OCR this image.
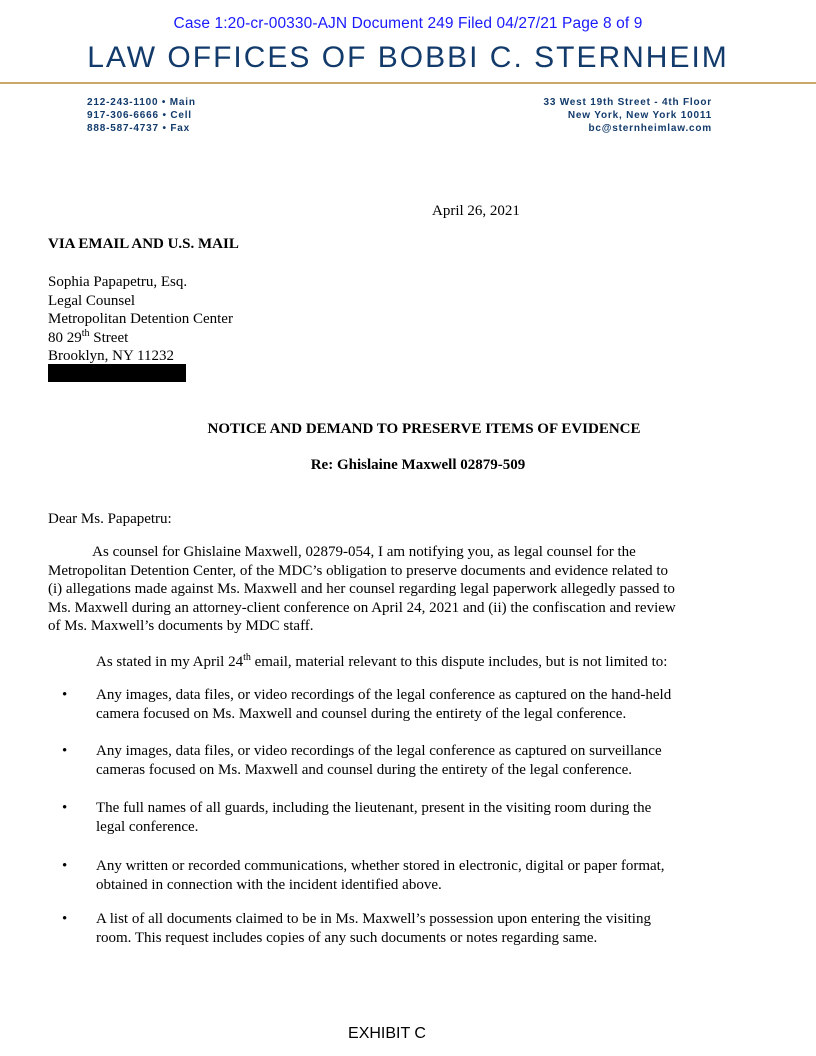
Case 1:20-cr-00330-AJN Document 249 Filed 04/27/21 Page 8 of 9
LAW OFFICES OF BOBBI C. STERNHEIM
212-243-1100 • Main
917-306-6666 • Cell
888-587-4737 • Fax
33 West 19th Street - 4th Floor
New York, New York 10011
bc@sternheimlaw.com
April 26, 2021
VIA EMAIL AND U.S. MAIL
Sophia Papapetru, Esq.
Legal Counsel
Metropolitan Detention Center
80 29th Street
Brooklyn, NY 11232
NOTICE AND DEMAND TO PRESERVE ITEMS OF EVIDENCE
Re: Ghislaine Maxwell 02879-509
Dear Ms. Papapetru:
As counsel for Ghislaine Maxwell, 02879-054, I am notifying you, as legal counsel for the
Metropolitan Detention Center, of the MDC’s obligation to preserve documents and evidence related to
(i) allegations made against Ms. Maxwell and her counsel regarding legal paperwork allegedly passed to
Ms. Maxwell during an attorney-client conference on April 24, 2021 and (ii) the confiscation and review
of Ms. Maxwell’s documents by MDC staff.
As stated in my April 24th email, material relevant to this dispute includes, but is not limited to:
• Any images, data files, or video recordings of the legal conference as captured on the hand-held
camera focused on Ms. Maxwell and counsel during the entirety of the legal conference.
• Any images, data files, or video recordings of the legal conference as captured on surveillance
cameras focused on Ms. Maxwell and counsel during the entirety of the legal conference.
• The full names of all guards, including the lieutenant, present in the visiting room during the
legal conference.
• Any written or recorded communications, whether stored in electronic, digital or paper format,
obtained in connection with the incident identified above.
• A list of all documents claimed to be in Ms. Maxwell’s possession upon entering the visiting
room. This request includes copies of any such documents or notes regarding same.
EXHIBIT C
